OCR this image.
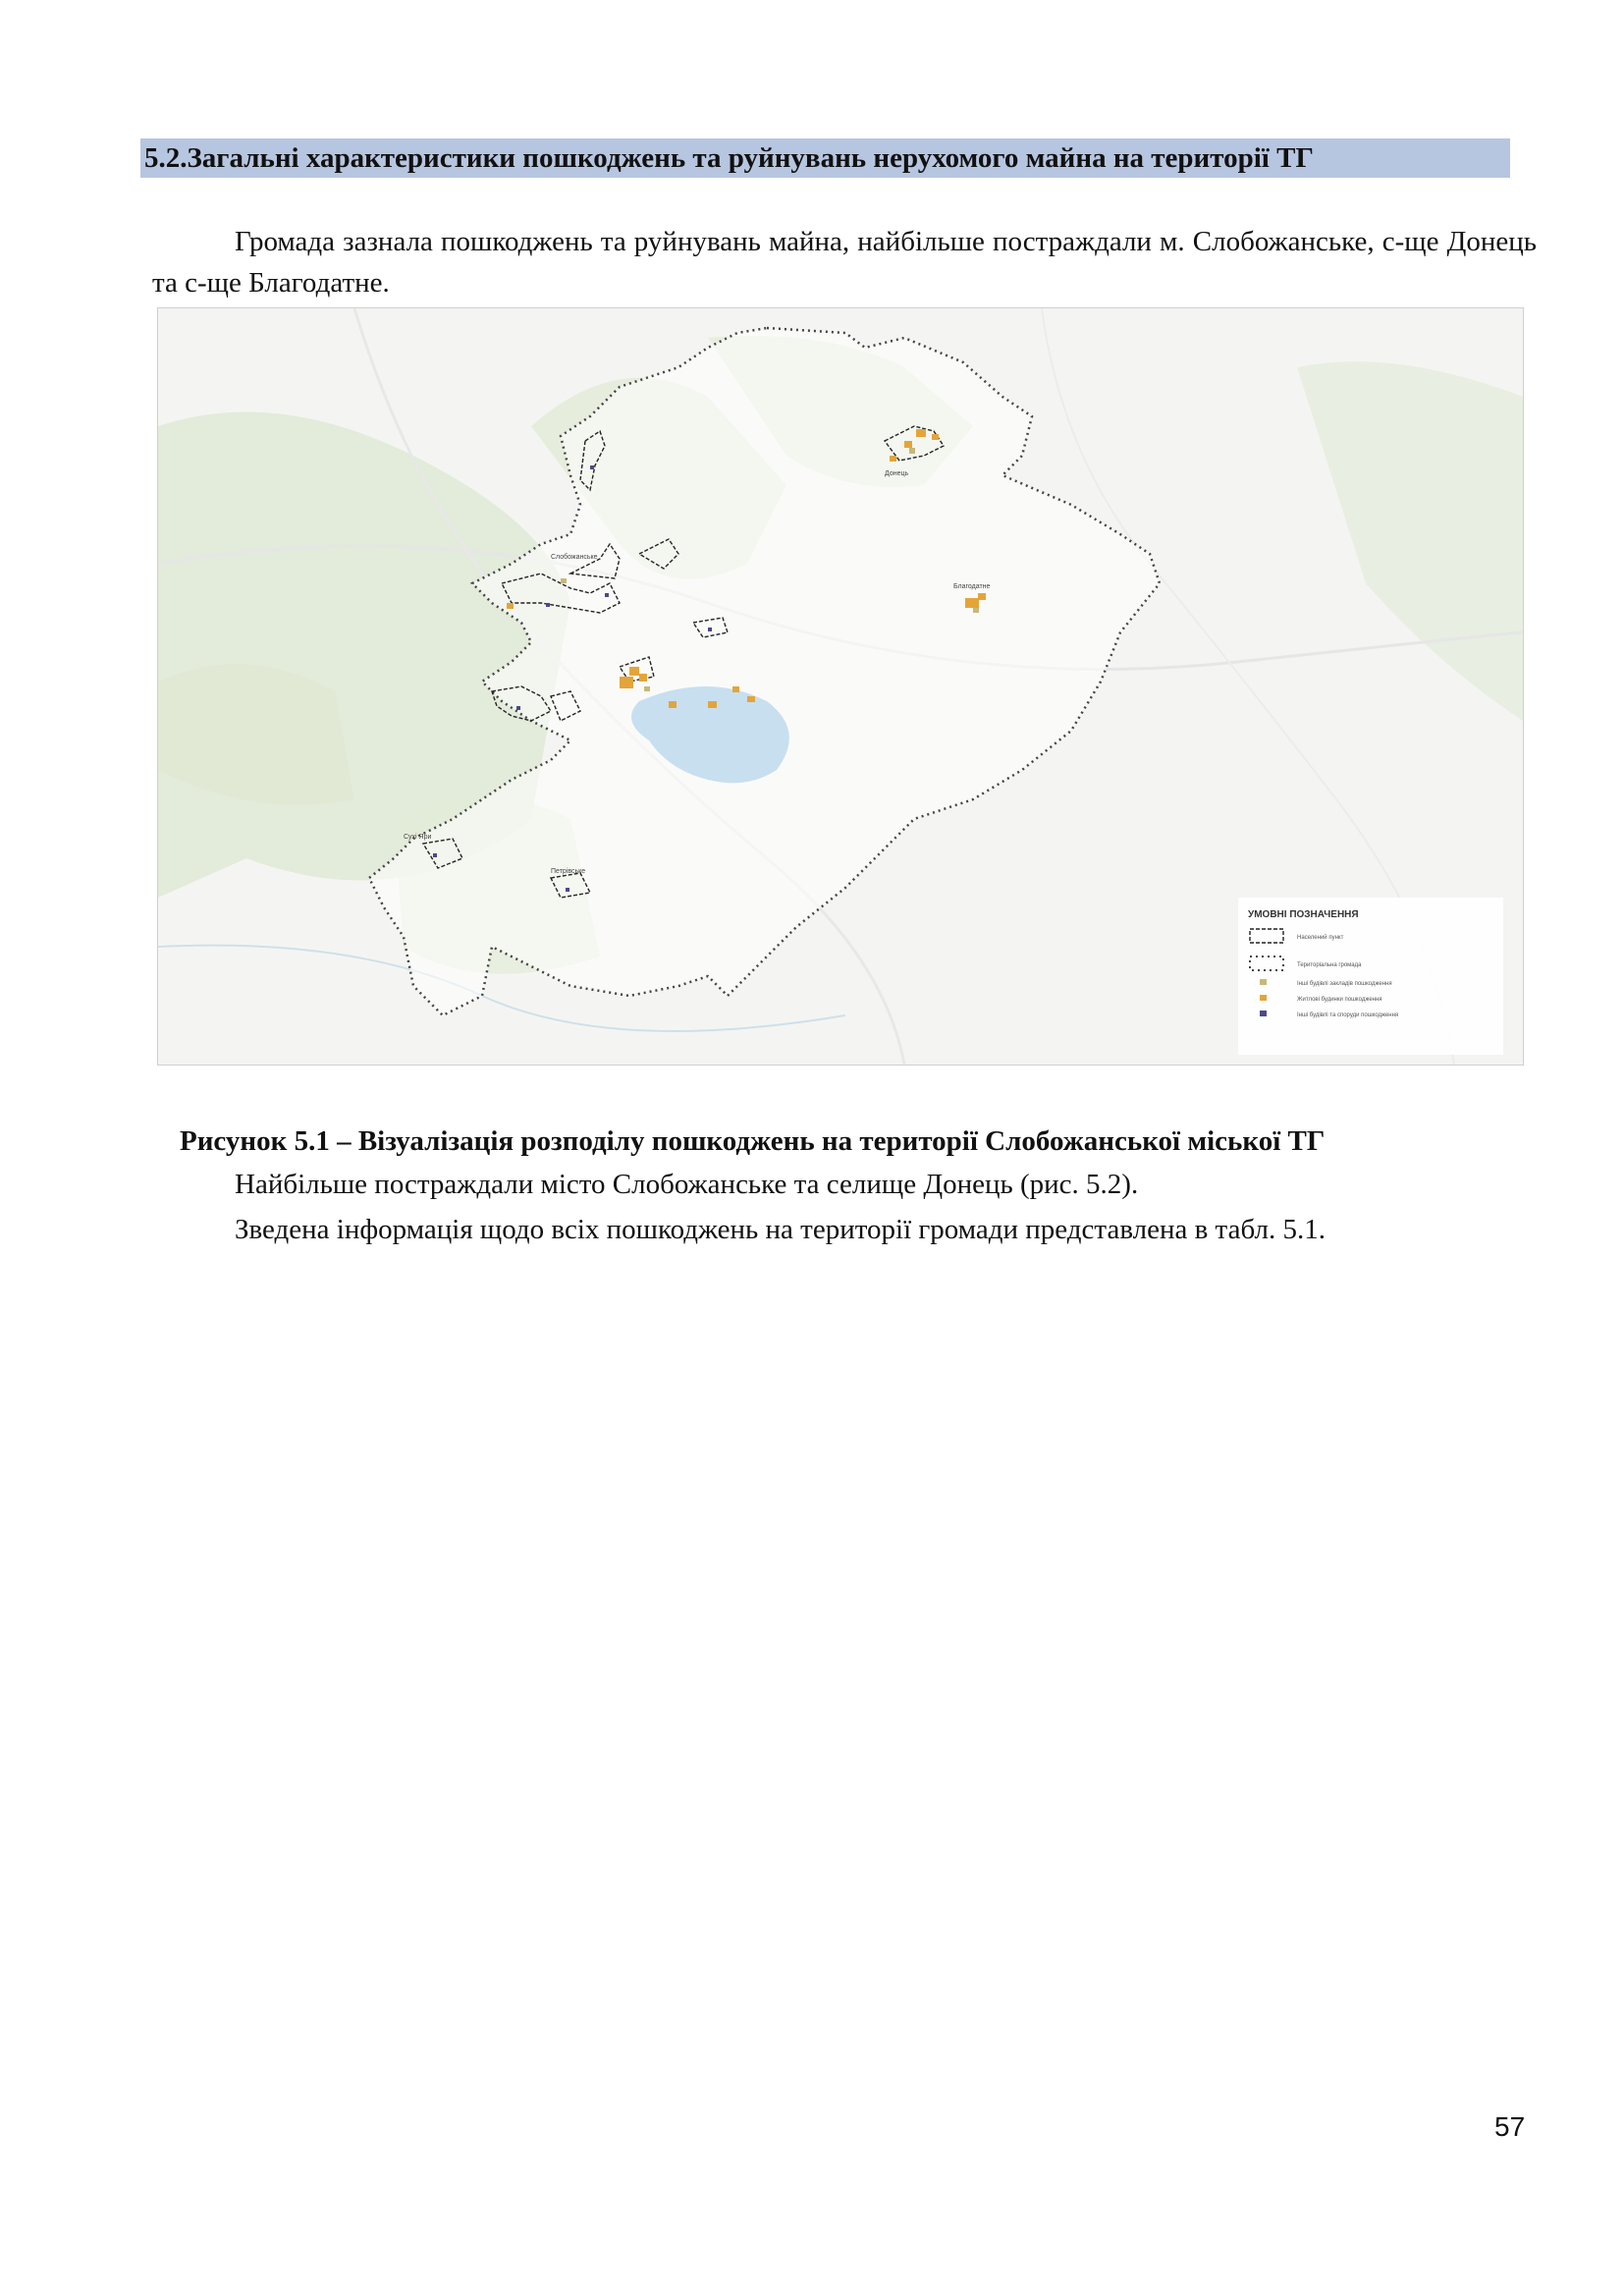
5.2.Загальні характеристики пошкоджень та руйнувань нерухомого майна на території ТГ
Громада зазнала пошкоджень та руйнувань майна, найбільше постраждали м. Слобожанське, с-ще Донець та с-ще Благодатне.
Слобожанське
Донець
Благодатне
Сухі Яри
Петрівське
УМОВНІ ПОЗНАЧЕННЯ
Населений пункт
Територіальна громада
Інші будівлі закладів пошкодження
Житлові будинки пошкодження
Інші будівлі та споруди пошкодження
Рисунок 5.1 – Візуалізація розподілу пошкоджень на території Слобожанської міської ТГ
Найбільше постраждали місто Слобожанське та селище Донець (рис. 5.2).
Зведена інформація щодо всіх пошкоджень на території громади представлена в табл. 5.1.
57
